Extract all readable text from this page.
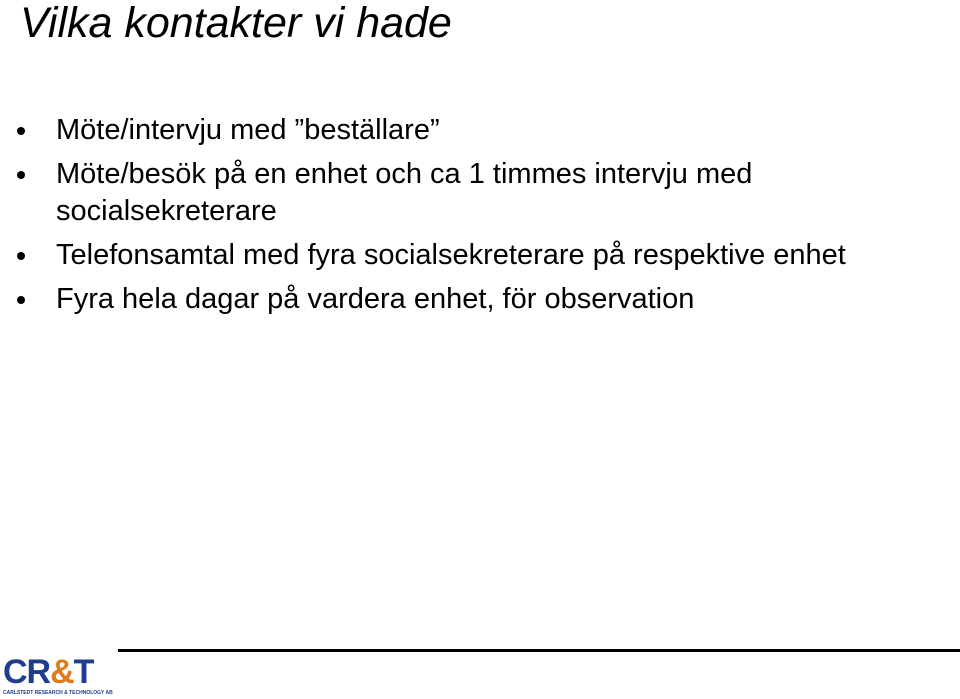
Vilka kontakter vi hade
Möte/intervju med ”beställare”
Möte/besök på en enhet och ca 1 timmes intervju med socialsekreterare
Telefonsamtal med fyra socialsekreterare på respektive enhet
Fyra hela dagar på vardera enhet, för observation
CR&T
CARLSTEDT RESEARCH & TECHNOLOGY AB
